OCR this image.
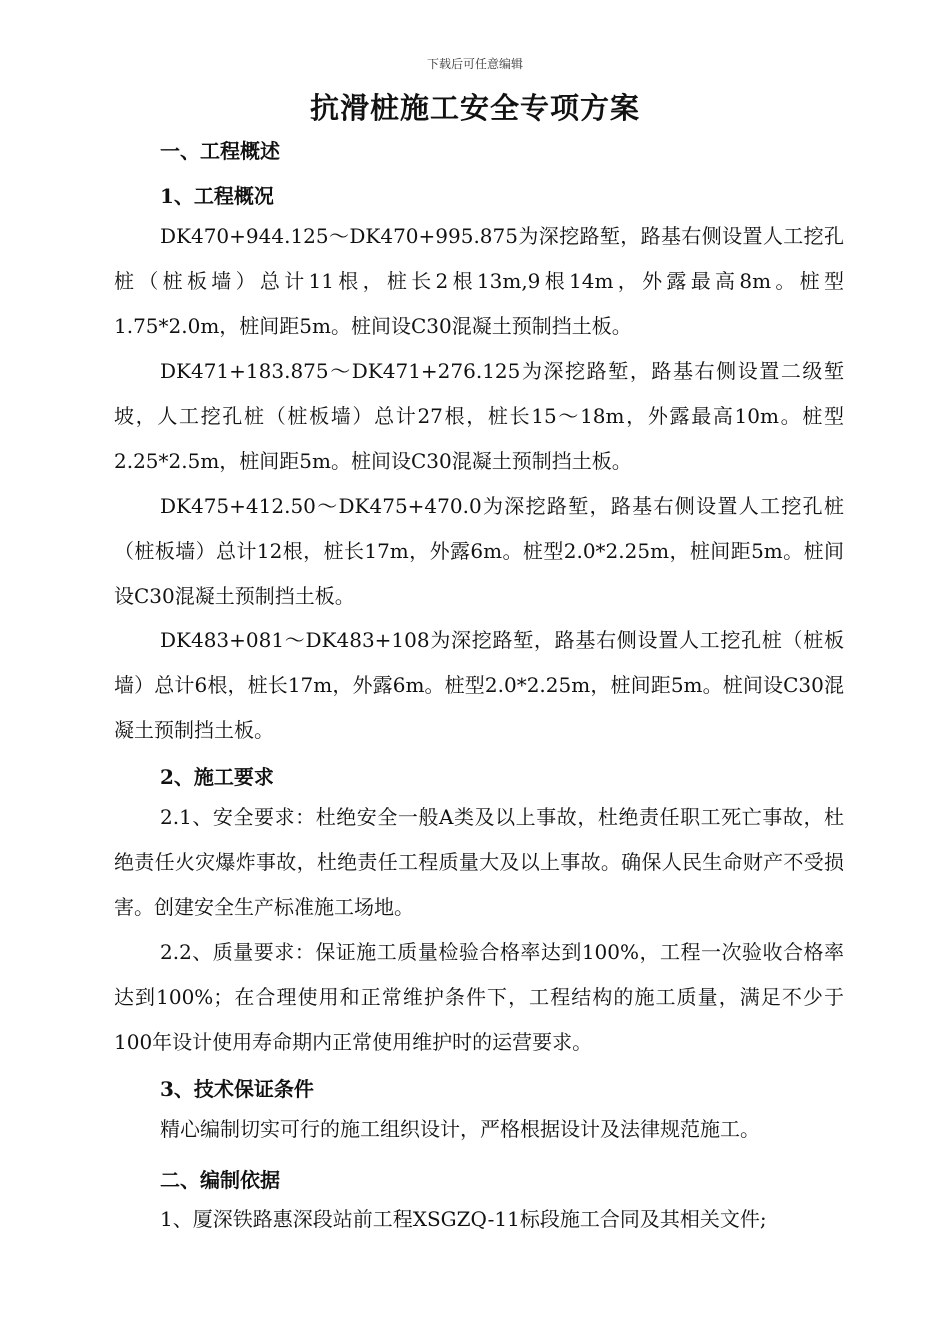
下载后可任意编辑
抗滑桩施工安全专项方案
一、工程概述
1、工程概况

DK470+944.125～DK470+995.875为深挖路堑，路基右侧设置人工挖孔桩（桩板墙）总计11根，桩长2根13m,9根14m，外露最高8m。桩型1.75*2.0m，桩间距5m。桩间设C30混凝土预制挡土板。

DK471+183.875～DK471+276.125为深挖路堑，路基右侧设置二级堑坡，人工挖孔桩（桩板墙）总计27根，桩长15～18m，外露最高10m。桩型2.25*2.5m，桩间距5m。桩间设C30混凝土预制挡土板。

DK475+412.50～DK475+470.0为深挖路堑，路基右侧设置人工挖孔桩（桩板墙）总计12根，桩长17m，外露6m。桩型2.0*2.25m，桩间距5m。桩间设C30混凝土预制挡土板。

DK483+081～DK483+108为深挖路堑，路基右侧设置人工挖孔桩（桩板墙）总计6根，桩长17m，外露6m。桩型2.0*2.25m，桩间距5m。桩间设C30混凝土预制挡土板。

2、施工要求

2.1、安全要求：杜绝安全一般A类及以上事故，杜绝责任职工死亡事故，杜绝责任火灾爆炸事故，杜绝责任工程质量大及以上事故。确保人民生命财产不受损害。创建安全生产标准施工场地。

2.2、质量要求：保证施工质量检验合格率达到100%，工程一次验收合格率达到100%；在合理使用和正常维护条件下，工程结构的施工质量，满足不少于100年设计使用寿命期内正常使用维护时的运营要求。

3、技术保证条件

精心编制切实可行的施工组织设计，严格根据设计及法律规范施工。

二、编制依据

1、厦深铁路惠深段站前工程XSGZQ-11标段施工合同及其相关文件;
